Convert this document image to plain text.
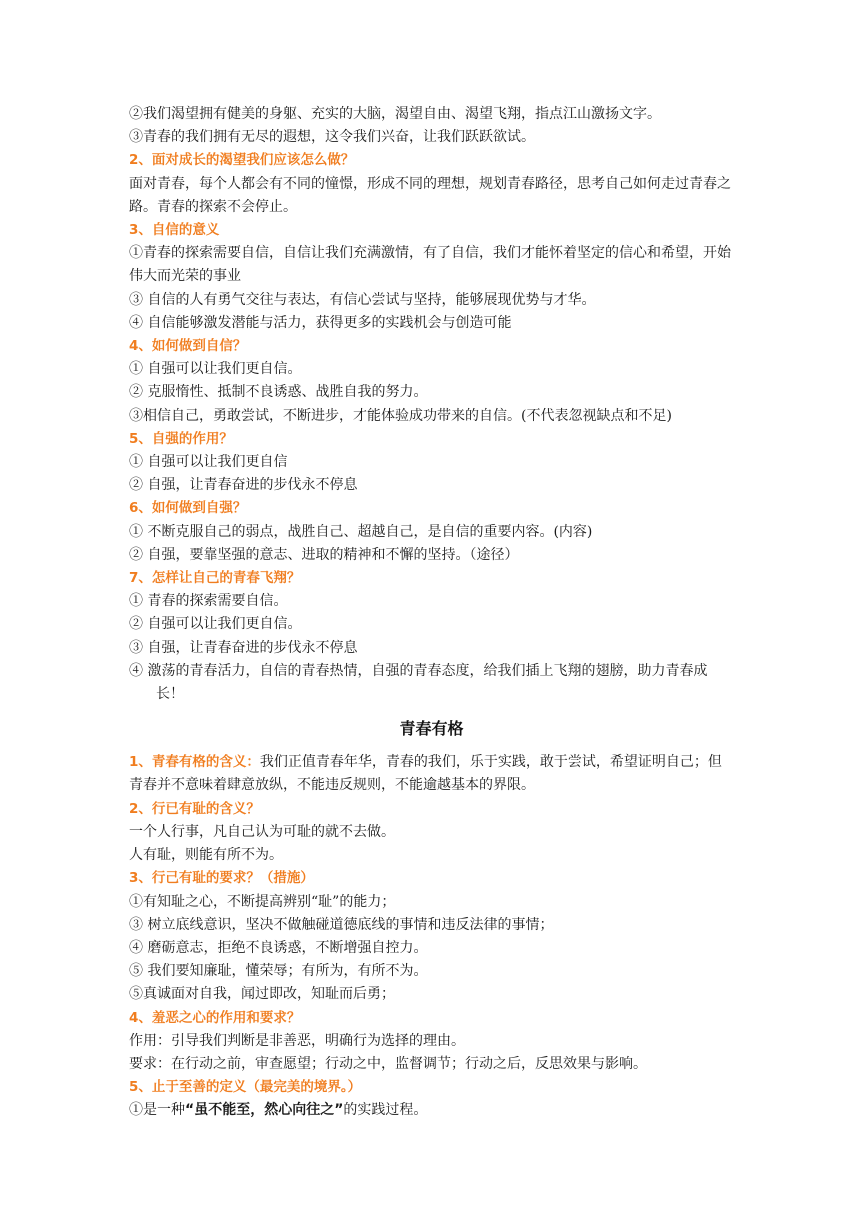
②我们渴望拥有健美的身躯、充实的大脑，渴望自由、渴望飞翔，指点江山激扬文字。
③青春的我们拥有无尽的遐想，这令我们兴奋，让我们跃跃欲试。
2、面对成长的渴望我们应该怎么做？
面对青春，每个人都会有不同的憧憬，形成不同的理想，规划青春路径，思考自己如何走过青春之路。青春的探索不会停止。
3、自信的意义
①青春的探索需要自信，自信让我们充满激情，有了自信，我们才能怀着坚定的信心和希望，开始伟大而光荣的事业
③ 自信的人有勇气交往与表达，有信心尝试与坚持，能够展现优势与才华。
④ 自信能够激发潜能与活力，获得更多的实践机会与创造可能
4、如何做到自信？
① 自强可以让我们更自信。
② 克服惰性、抵制不良诱惑、战胜自我的努力。
③相信自己，勇敢尝试，不断进步，才能体验成功带来的自信。(不代表忽视缺点和不足)
5、自强的作用？
① 自强可以让我们更自信
② 自强，让青春奋进的步伐永不停息
6、如何做到自强？
① 不断克服自己的弱点，战胜自己、超越自己，是自信的重要内容。(内容)
② 自强，要靠坚强的意志、进取的精神和不懈的坚持。（途径）
7、怎样让自己的青春飞翔？
① 青春的探索需要自信。
② 自强可以让我们更自信。
③ 自强，让青春奋进的步伐永不停息
④ 激荡的青春活力，自信的青春热情，自强的青春态度，给我们插上飞翔的翅膀，助力青春成长！
青春有格
1、青春有格的含义：我们正值青春年华，青春的我们，乐于实践，敢于尝试，希望证明自己；但青春并不意味着肆意放纵，不能违反规则，不能逾越基本的界限。
2、行已有耻的含义？
一个人行事，凡自己认为可耻的就不去做。
人有耻，则能有所不为。
3、行己有耻的要求？（措施）
①有知耻之心，不断提高辨别“耻”的能力；
③ 树立底线意识，坚决不做触碰道德底线的事情和违反法律的事情；
④ 磨砺意志，拒绝不良诱惑，不断增强自控力。
⑤ 我们要知廉耻，懂荣辱；有所为，有所不为。
⑤真诚面对自我，闻过即改，知耻而后勇；
4、羞恶之心的作用和要求？
作用：引导我们判断是非善恶，明确行为选择的理由。
要求：在行动之前，审查愿望；行动之中，监督调节；行动之后，反思效果与影响。
5、止于至善的定义（最完美的境界。）
①是一种“虽不能至，然心向往之”的实践过程。
